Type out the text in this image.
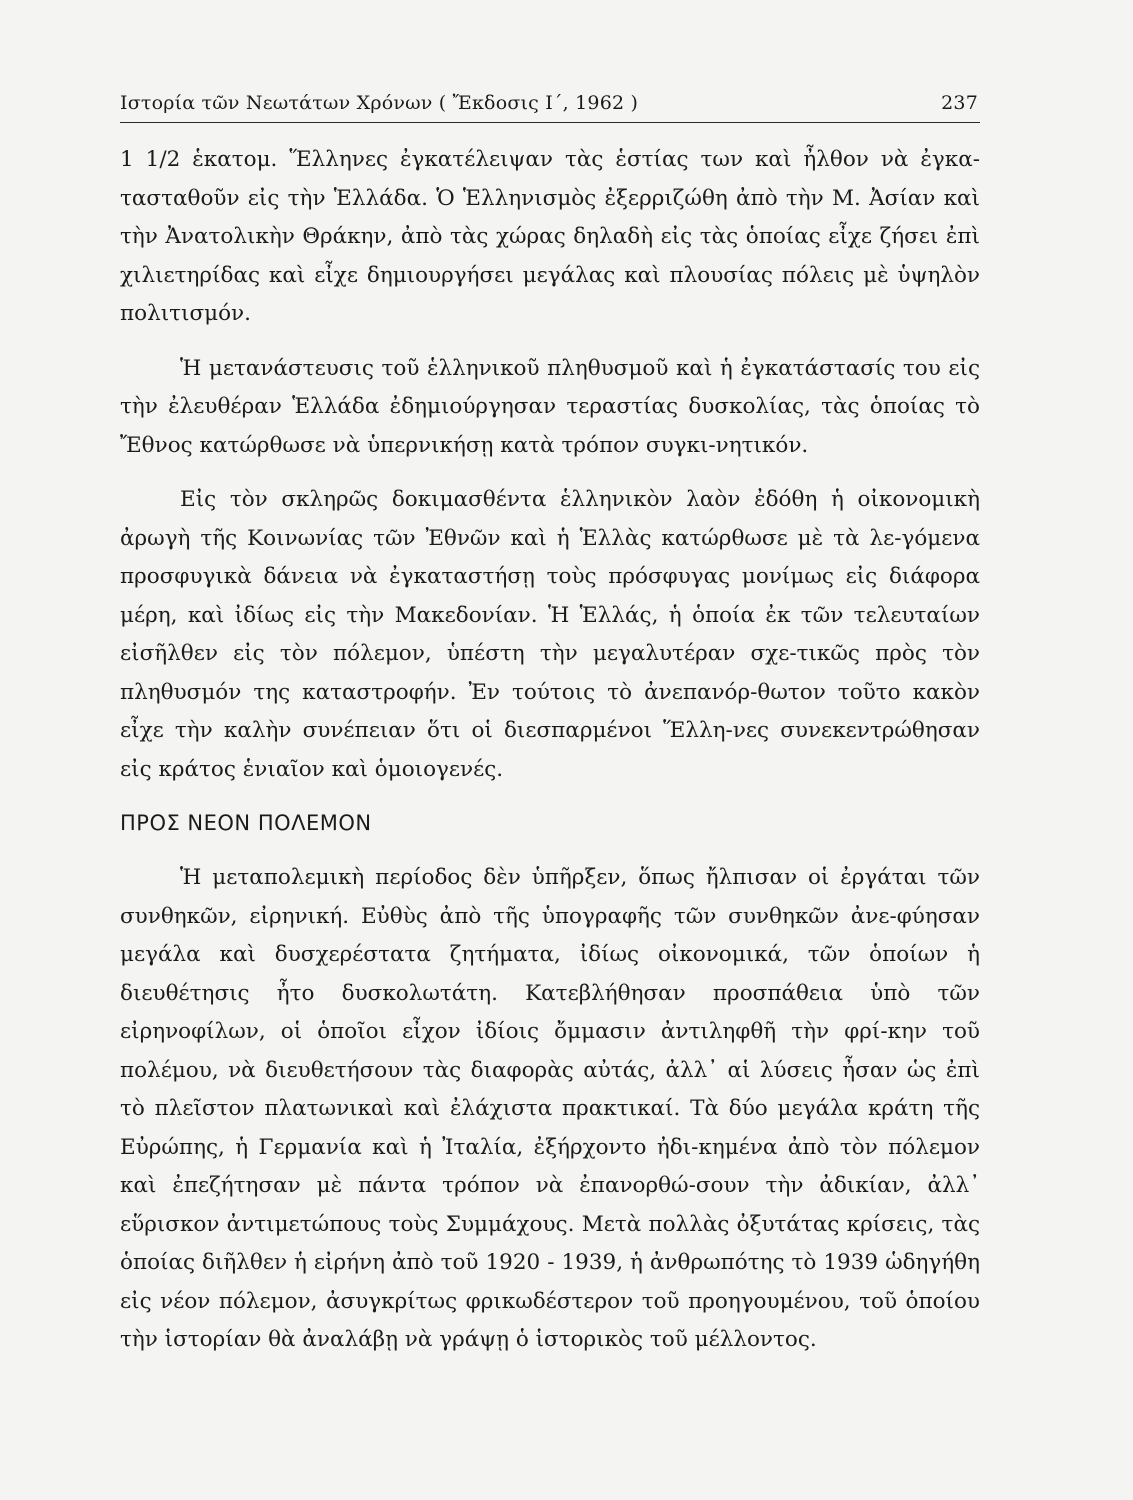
Ιστορία τῶν Νεωτάτων Χρόνων ( Ἔκδοσις Ι΄, 1962 )	237

1 1/2 ἑκατομ. Ἕλληνες ἐγκατέλειψαν τὰς ἑστίας των καὶ ἦλθον νὰ ἐγκα-τασταθοῦν εἰς τὴν Ἑλλάδα. Ὁ Ἑλληνισμὸς ἐξερριζώθη ἀπὸ τὴν Μ. Ἀσίαν καὶ τὴν Ἀνατολικὴν Θράκην, ἀπὸ τὰς χώρας δηλαδὴ εἰς τὰς ὁποίας εἶχε ζήσει ἐπὶ χιλιετηρίδας καὶ εἶχε δημιουργήσει μεγάλας καὶ πλουσίας πόλεις μὲ ὑψηλὸν πολιτισμόν.

Ἡ μετανάστευσις τοῦ ἑλληνικοῦ πληθυσμοῦ καὶ ἡ ἐγκατάστασίς του εἰς τὴν ἐλευθέραν Ἑλλάδα ἐδημιούργησαν τεραστίας δυσκολίας, τὰς ὁποίας τὸ Ἔθνος κατώρθωσε νὰ ὑπερνικήσῃ κατὰ τρόπον συγκι-νητικόν.

Εἰς τὸν σκληρῶς δοκιμασθέντα ἑλληνικὸν λαὸν ἐδόθη ἡ οἰκονομικὴ ἀρωγὴ τῆς Κοινωνίας τῶν Ἐθνῶν καὶ ἡ Ἑλλὰς κατώρθωσε μὲ τὰ λε-γόμενα προσφυγικὰ δάνεια νὰ ἐγκαταστήσῃ τοὺς πρόσφυγας μονίμως εἰς διάφορα μέρη, καὶ ἰδίως εἰς τὴν Μακεδονίαν. Ἡ Ἑλλάς, ἡ ὁποία ἐκ τῶν τελευταίων εἰσῆλθεν εἰς τὸν πόλεμον, ὑπέστη τὴν μεγαλυτέραν σχε-τικῶς πρὸς τὸν πληθυσμόν της καταστροφήν. Ἐν τούτοις τὸ ἀνεπανόρ-θωτον τοῦτο κακὸν εἶχε τὴν καλὴν συνέπειαν ὅτι οἱ διεσπαρμένοι Ἕλλη-νες συνεκεντρώθησαν εἰς κράτος ἑνιαῖον καὶ ὁμοιογενές.

ΠΡΟΣ ΝΕΟΝ ΠΟΛΕΜΟΝ

Ἡ μεταπολεμικὴ περίοδος δὲν ὑπῆρξεν, ὅπως ἤλπισαν οἱ ἐργάται τῶν συνθηκῶν, εἰρηνική. Εὐθὺς ἀπὸ τῆς ὑπογραφῆς τῶν συνθηκῶν ἀνε-φύησαν μεγάλα καὶ δυσχερέστατα ζητήματα, ἰδίως οἰκονομικά, τῶν ὁποίων ἡ διευθέτησις ἦτο δυσκολωτάτη. Κατεβλήθησαν προσπάθεια ὑπὸ τῶν εἰρηνοφίλων, οἱ ὁποῖοι εἶχον ἰδίοις ὄμμασιν ἀντιληφθῆ τὴν φρί-κην τοῦ πολέμου, νὰ διευθετήσουν τὰς διαφορὰς αὐτάς, ἀλλ᾽ αἱ λύσεις ἦσαν ὡς ἐπὶ τὸ πλεῖστον πλατωνικαὶ καὶ ἐλάχιστα πρακτικαί. Τὰ δύο μεγάλα κράτη τῆς Εὐρώπης, ἡ Γερμανία καὶ ἡ Ἰταλία, ἐξήρχοντο ἠδι-κημένα ἀπὸ τὸν πόλεμον καὶ ἐπεζήτησαν μὲ πάντα τρόπον νὰ ἐπανορθώ-σουν τὴν ἀδικίαν, ἀλλ᾽ εὕρισκον ἀντιμετώπους τοὺς Συμμάχους. Μετὰ πολλὰς ὀξυτάτας κρίσεις, τὰς ὁποίας διῆλθεν ἡ εἰρήνη ἀπὸ τοῦ 1920 - 1939, ἡ ἀνθρωπότης τὸ 1939 ὡδηγήθη εἰς νέον πόλεμον, ἀσυγκρίτως φρικωδέστερον τοῦ προηγουμένου, τοῦ ὁποίου τὴν ἱστορίαν θὰ ἀναλάβῃ νὰ γράψῃ ὁ ἱστορικὸς τοῦ μέλλοντος.
